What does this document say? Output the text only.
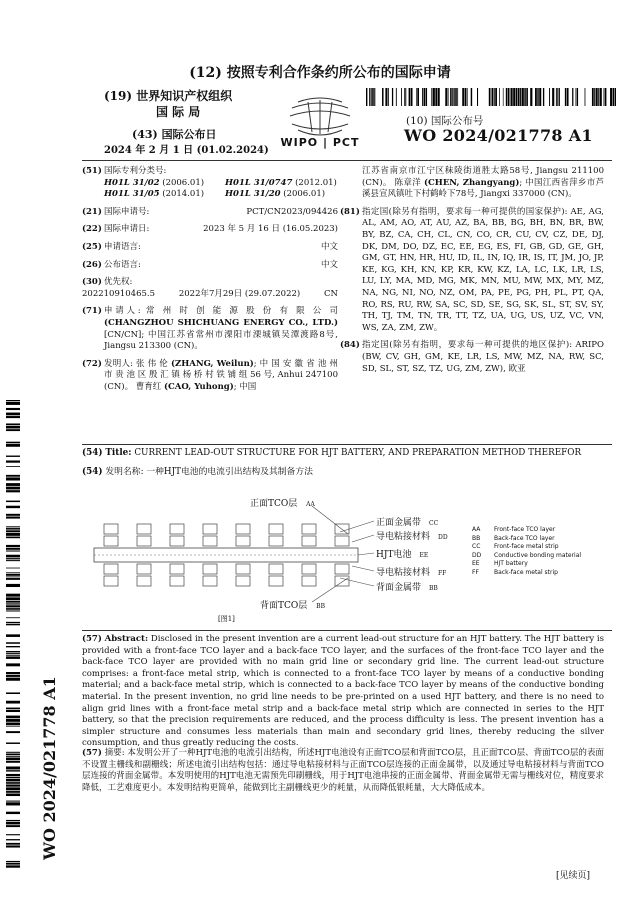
(12) 按照专利合作条约所公布的国际申请
(19) 世界知识产权组织
国 际 局
(43) 国际公布日
2024 年 2 月 1 日 (01.02.2024)
WIPO | PCT
(10) 国际公布号
WO 2024/021778 A1
(51) 国际专利分类号:
H01L 31/02 (2006.01)	H01L 31/0747 (2012.01)
H01L 31/05 (2014.01)	H01L 31/20 (2006.01)
(21) 国际申请号:	PCT/CN2023/094426
(22) 国际申请日:	2023 年 5 月 16 日 (16.05.2023)
(25) 申请语言:	中文
(26) 公布语言:	中文
(30) 优先权:
202210910465.5	2022年7月29日 (29.07.2022)	CN
(71) 申请人: 常 州 时 创 能 源 股 份 有 限 公 司 (CHANGZHOU SHICHUANG ENERGY CO., LTD.) [CN/CN]; 中国江苏省常州市溧阳市溧城镇吴潭渡路8号, Jiangsu 213300 (CN)。
(72) 发明人: 张 伟 伦 (ZHANG, Weilun); 中 国 安 徽 省 池 州 市 贵 池 区 殷 汇 镇 杨 桥 村 铁 铺 组 56 号, Anhui 247100 (CN)。 曹育红 (CAO, Yuhong); 中国
江苏省南京市江宁区秣陵街道胜太路58号, Jiangsu 211100 (CN)。 陈章洋 (CHEN, Zhangyang); 中国江西省萍乡市芦溪县宣风镇吐下村鹤岭下78号, Jiangxi 337000 (CN)。
(81) 指定国(除另有指明，要求每一种可提供的国家保护): AE, AG, AL, AM, AO, AT, AU, AZ, BA, BB, BG, BH, BN, BR, BW, BY, BZ, CA, CH, CL, CN, CO, CR, CU, CV, CZ, DE, DJ, DK, DM, DO, DZ, EC, EE, EG, ES, FI, GB, GD, GE, GH, GM, GT, HN, HR, HU, ID, IL, IN, IQ, IR, IS, IT, JM, JO, JP, KE, KG, KH, KN, KP, KR, KW, KZ, LA, LC, LK, LR, LS, LU, LY, MA, MD, MG, MK, MN, MU, MW, MX, MY, MZ, NA, NG, NI, NO, NZ, OM, PA, PE, PG, PH, PL, PT, QA, RO, RS, RU, RW, SA, SC, SD, SE, SG, SK, SL, ST, SV, SY, TH, TJ, TM, TN, TR, TT, TZ, UA, UG, US, UZ, VC, VN, WS, ZA, ZM, ZW。
(84) 指定国(除另有指明，要求每一种可提供的地区保护): ARIPO (BW, CV, GH, GM, KE, LR, LS, MW, MZ, NA, RW, SC, SD, SL, ST, SZ, TZ, UG, ZM, ZW), 欧亚
WO 2024/021778 A1
(54) Title: CURRENT LEAD-OUT STRUCTURE FOR HJT BATTERY, AND PREPARATION METHOD THEREFOR
(54) 发明名称: 一种HJT电池的电流引出结构及其制备方法
正面TCO层 AA
背面TCO层 BB
正面金属带 CC
导电粘接材料 DD
HJT电池 EE
导电粘接材料 FF
背面金属带 BB
[图1]
AA Front-face TCO layer
BB Back-face TCO layer
CC Front-face metal strip
DD Conductive bonding material
EE HJT battery
FF	Back-face metal strip
(57) Abstract: Disclosed in the present invention are a current lead-out structure for an HJT battery. The HJT battery is provided with a front-face TCO layer and a back-face TCO layer, and the surfaces of the front-face TCO layer and the back-face TCO layer are provided with no main grid line or secondary grid line. The current lead-out structure comprises: a front-face metal strip, which is connected to a front-face TCO layer by means of a conductive bonding material; and a back-face metal strip, which is connected to a back-face TCO layer by means of the conductive bonding material. In the present invention, no grid line needs to be pre-printed on a used HJT battery, and there is no need to align grid lines with a front-face metal strip and a back-face metal strip which are connected in series to the HJT battery, so that the precision requirements are reduced, and the process difficulty is less. The present invention has a simpler structure and consumes less materials than main and secondary grid lines, thereby reducing the silver consumption, and thus greatly reducing the costs.
(57) 摘要: 本发明公开了一种HJT电池的电流引出结构，所述HJT电池设有正面TCO层和背面TCO层，且正面TCO层、背面TCO层的表面不设置主栅线和副栅线；所述电流引出结构包括：通过导电粘接材料与正面TCO层连接的正面金属带，以及通过导电粘接材料与背面TCO层连接的背面金属带。本发明使用的HJT电池无需预先印刷栅线，用于HJT电池串接的正面金属带、背面金属带无需与栅线对位，精度要求降低，工艺难度更小。本发明结构更简单，能做到比主副栅线更少的耗量，从而降低银耗量，大大降低成本。
[见续页]
